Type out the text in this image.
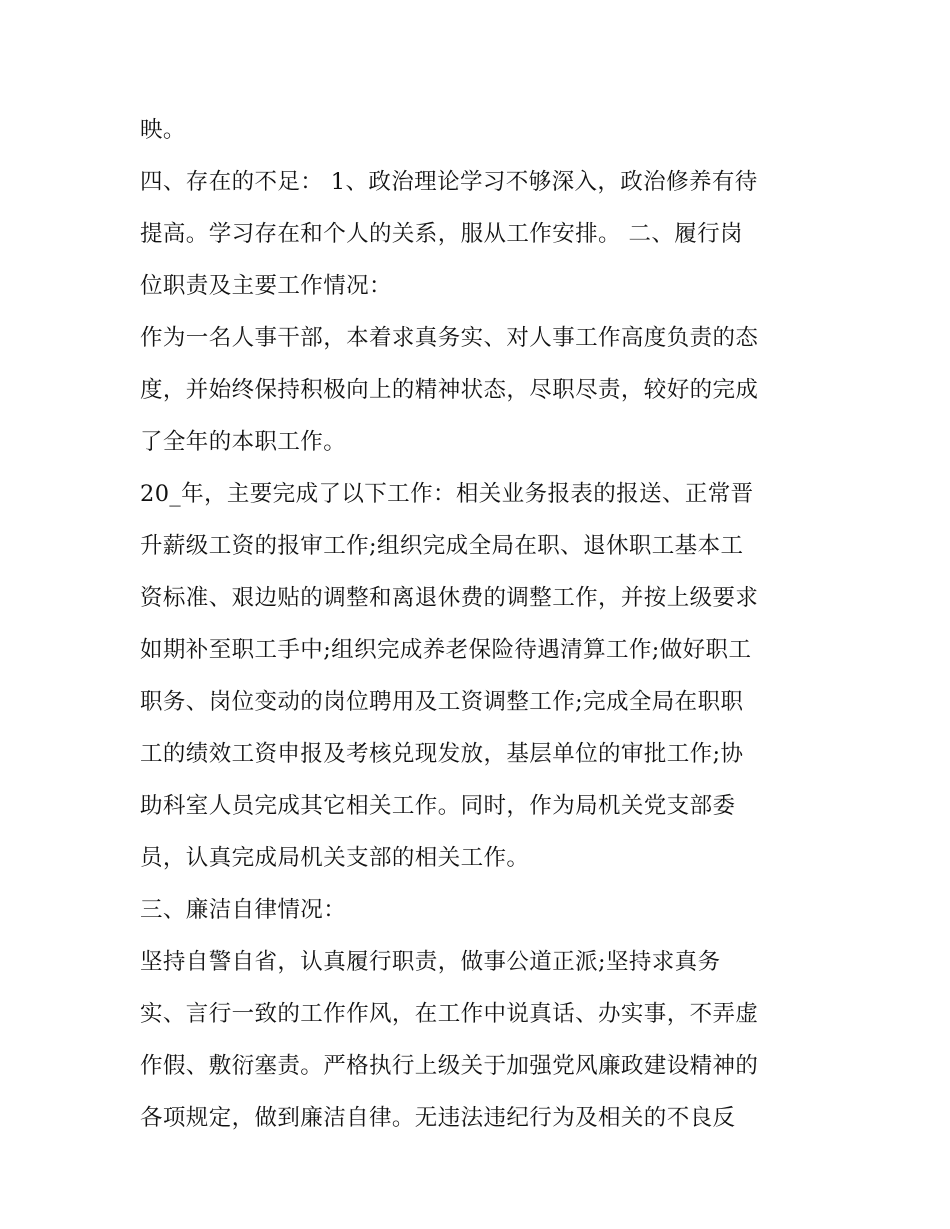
映。
四、存在的不足： 1、政治理论学习不够深入，政治修养有待
提高。学习存在和个人的关系，服从工作安排。 二、履行岗
位职责及主要工作情况：
作为一名人事干部，本着求真务实、对人事工作高度负责的态
度，并始终保持积极向上的精神状态，尽职尽责，较好的完成
了全年的本职工作。
20_年，主要完成了以下工作：相关业务报表的报送、正常晋
升薪级工资的报审工作;组织完成全局在职、退休职工基本工
资标准、艰边贴的调整和离退休费的调整工作，并按上级要求
如期补至职工手中;组织完成养老保险待遇清算工作;做好职工
职务、岗位变动的岗位聘用及工资调整工作;完成全局在职职
工的绩效工资申报及考核兑现发放，基层单位的审批工作;协
助科室人员完成其它相关工作。同时，作为局机关党支部委
员，认真完成局机关支部的相关工作。
三、廉洁自律情况：
坚持自警自省，认真履行职责，做事公道正派;坚持求真务
实、言行一致的工作作风，在工作中说真话、办实事，不弄虚
作假、敷衍塞责。严格执行上级关于加强党风廉政建设精神的
各项规定，做到廉洁自律。无违法违纪行为及相关的不良反
